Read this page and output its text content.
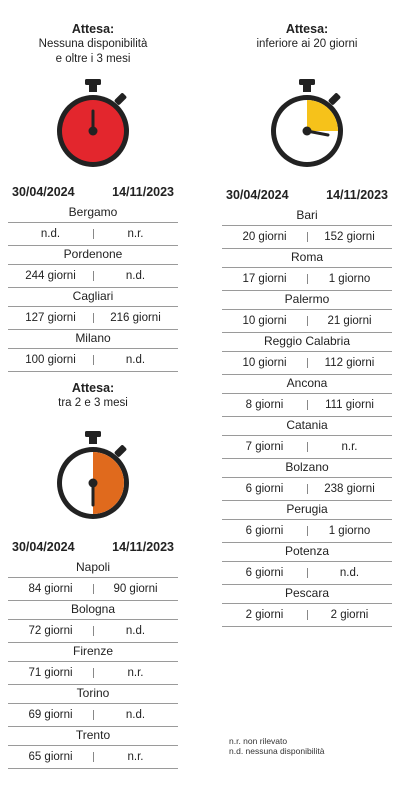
Attesa:
Nessuna disponibilità
e oltre i 3 mesi
30/04/2024	14/11/2023
Bergamo
n.d.	n.r.
Pordenone
244 giorni	n.d.
Cagliari
127 giorni	216 giorni
Milano
100 giorni	n.d.
Attesa:
tra 2 e 3 mesi
30/04/2024	14/11/2023
Napoli
84 giorni	90 giorni
Bologna
72 giorni	n.d.
Firenze
71 giorni	n.r.
Torino
69 giorni	n.d.
Trento
65 giorni	n.r.
Attesa:
inferiore ai 20 giorni
30/04/2024	14/11/2023
Bari
20 giorni	152 giorni
Roma
17 giorni	1 giorno
Palermo
10 giorni	21 giorni
Reggio Calabria
10 giorni	112 giorni
Ancona
8 giorni	111 giorni
Catania
7 giorni	n.r.
Bolzano
6 giorni	238 giorni
Perugia
6 giorni	1 giorno
Potenza
6 giorni	n.d.
Pescara
2 giorni	2 giorni
n.r. non rilevato
n.d. nessuna disponibilità
